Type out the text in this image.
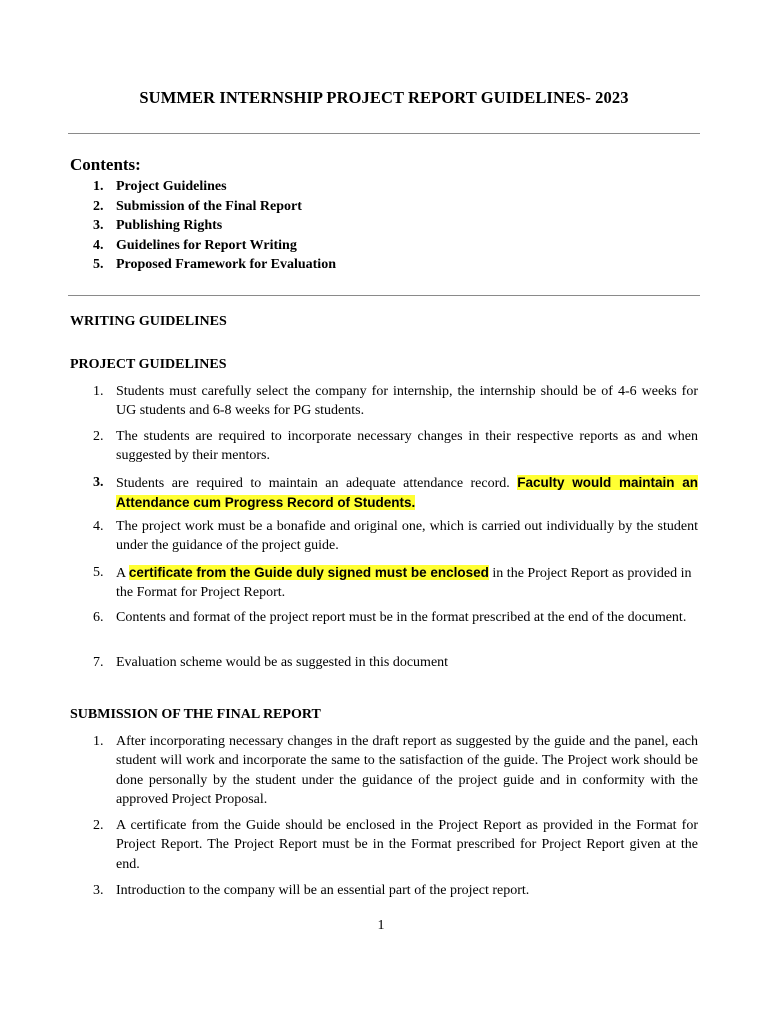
SUMMER INTERNSHIP PROJECT REPORT GUIDELINES- 2023
Contents:
1. Project Guidelines
2. Submission of the Final Report
3. Publishing Rights
4. Guidelines for Report Writing
5. Proposed Framework for Evaluation
WRITING GUIDELINES
PROJECT GUIDELINES
1. Students must carefully select the company for internship, the internship should be of 4-6 weeks for UG students and 6-8 weeks for PG students.
2. The students are required to incorporate necessary changes in their respective reports as and when suggested by their mentors.
3. Students are required to maintain an adequate attendance record. Faculty would maintain an Attendance cum Progress Record of Students.
4. The project work must be a bonafide and original one, which is carried out individually by the student under the guidance of the project guide.
5. A certificate from the Guide duly signed must be enclosed in the Project Report as provided in the Format for Project Report.
6. Contents and format of the project report must be in the format prescribed at the end of the document.
7. Evaluation scheme would be as suggested in this document
SUBMISSION OF THE FINAL REPORT
1. After incorporating necessary changes in the draft report as suggested by the guide and the panel, each student will work and incorporate the same to the satisfaction of the guide. The Project work should be done personally by the student under the guidance of the project guide and in conformity with the approved Project Proposal.
2. A certificate from the Guide should be enclosed in the Project Report as provided in the Format for Project Report. The Project Report must be in the Format prescribed for Project Report given at the end.
3. Introduction to the company will be an essential part of the project report.
1
